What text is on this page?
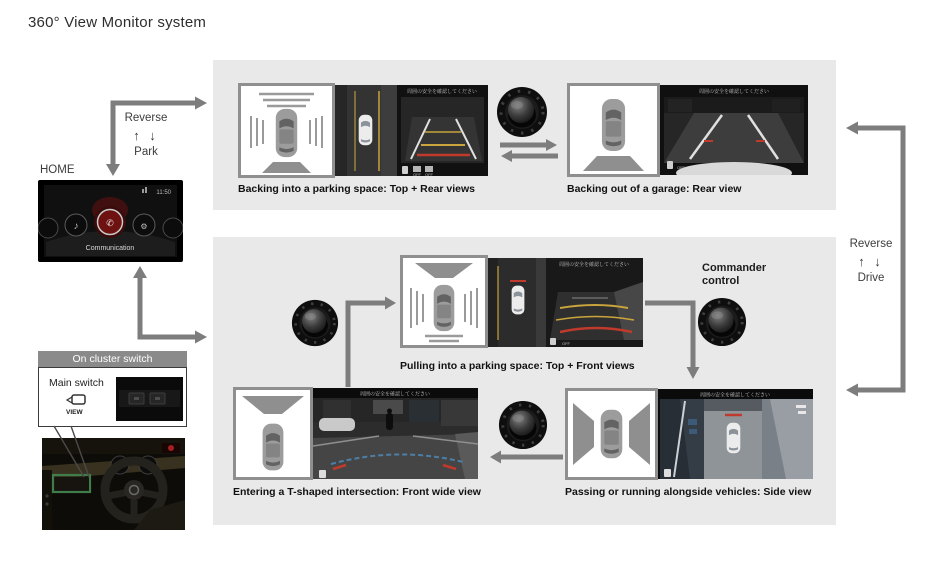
360° View Monitor system
Reverse
↑ ↓
Park
HOME
♪	✆	⚙
Communication
11:50
On cluster switch
Main switch
VIEW
Reverse
↑ ↓
Drive
周囲の安全を確認してください
OFF OFF
Backing into a parking space: Top + Rear views
周囲の安全を確認してください
OFF
Backing out of a garage: Rear view
周囲の安全を確認してください
OFF
Pulling into a parking space: Top + Front views
Commander
control
周囲の安全を確認してください
Passing or running alongside vehicles: Side view
周囲の安全を確認してください
Entering a T-shaped intersection: Front wide view
